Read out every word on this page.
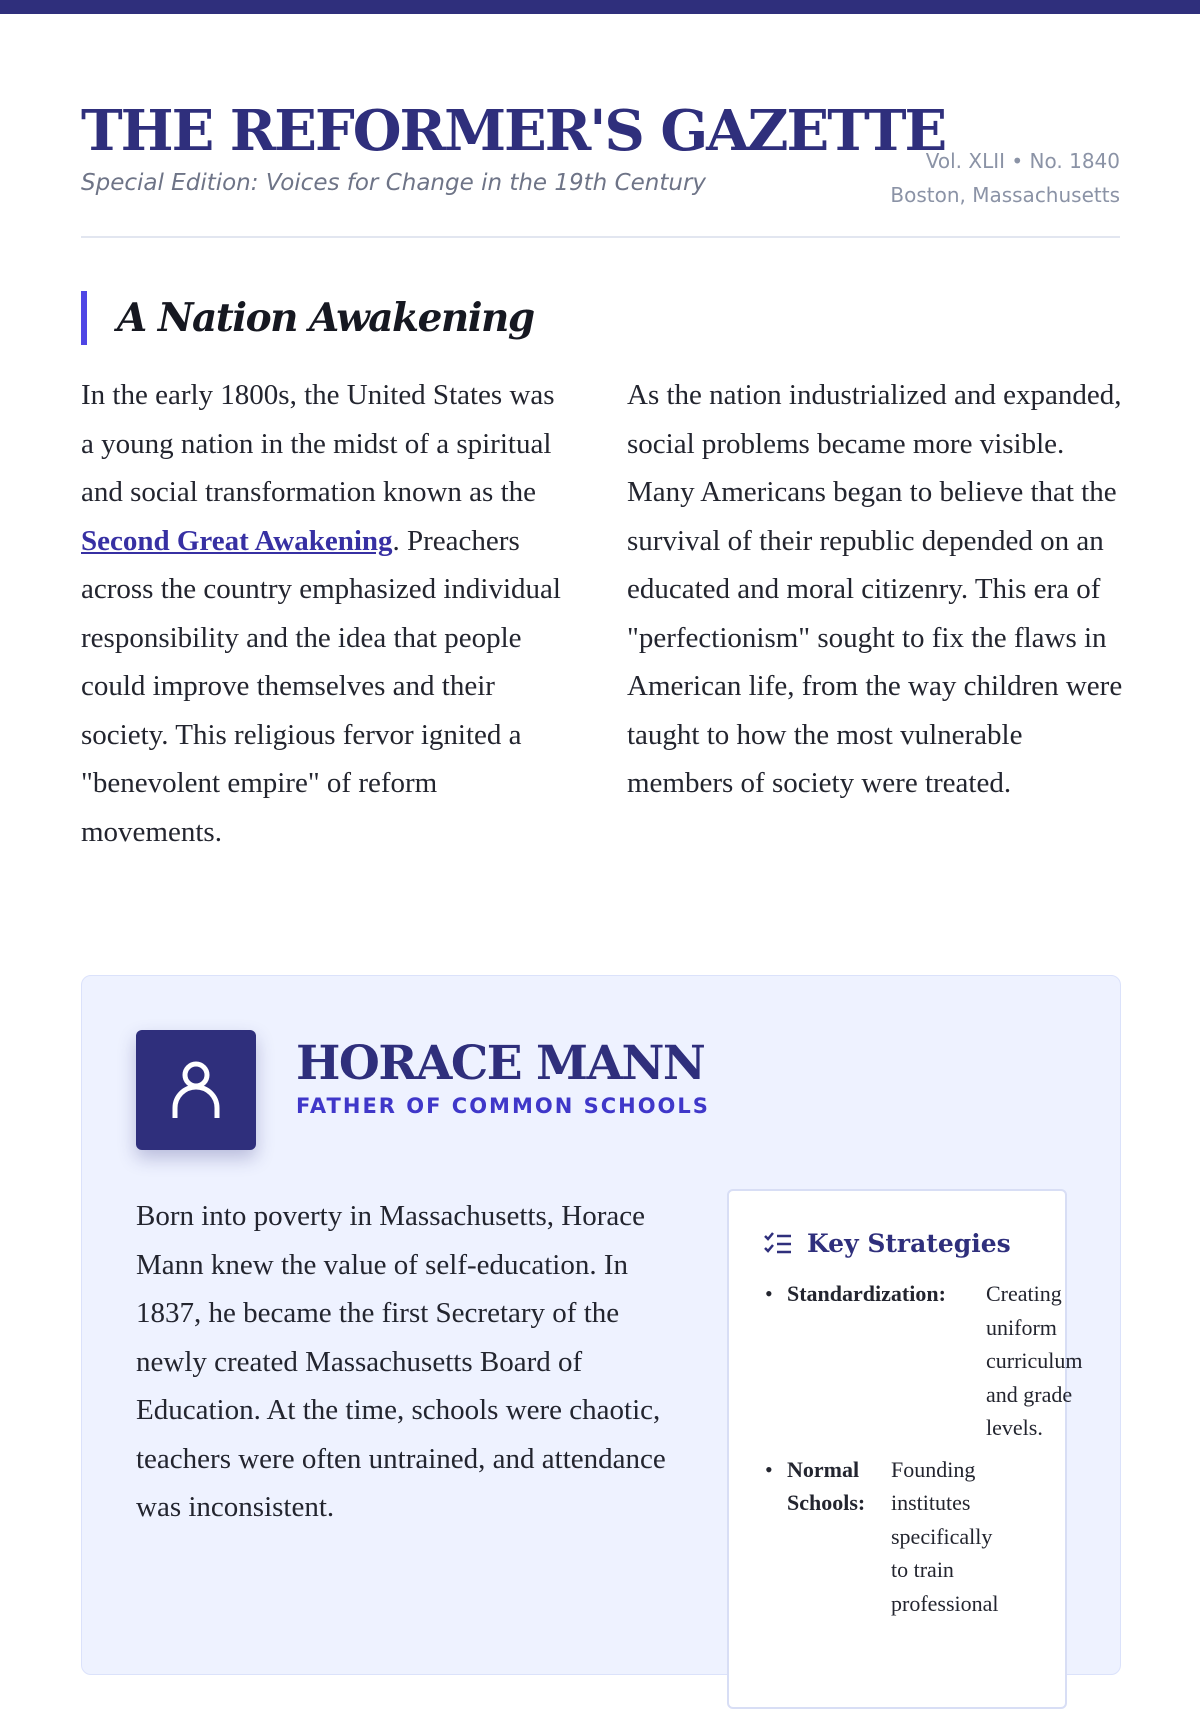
THE REFORMER'S GAZETTE
Special Edition: Voices for Change in the 19th Century
Vol. XLII • No. 1840
Boston, Massachusetts
A Nation Awakening

In the early 1800s, the United States was a young nation in the midst of a spiritual and social transformation known as the Second Great Awakening. Preachers across the country emphasized individual responsibility and the idea that people could improve themselves and their society. This religious fervor ignited a "benevolent empire" of reform movements.

As the nation industrialized and expanded, social problems became more visible. Many Americans began to believe that the survival of their republic depended on an educated and moral citizenry. This era of "perfectionism" sought to fix the flaws in American life, from the way children were taught to how the most vulnerable members of society were treated.

HORACE MANN
FATHER OF COMMON SCHOOLS

Born into poverty in Massachusetts, Horace Mann knew the value of self-education. In 1837, he became the first Secretary of the newly created Massachusetts Board of Education. At the time, schools were chaotic, teachers were often untrained, and attendance was inconsistent.

Key Strategies
• Standardization:	Creating uniform curriculum and grade levels.
• Normal Schools:
Founding institutes specifically to train professional
